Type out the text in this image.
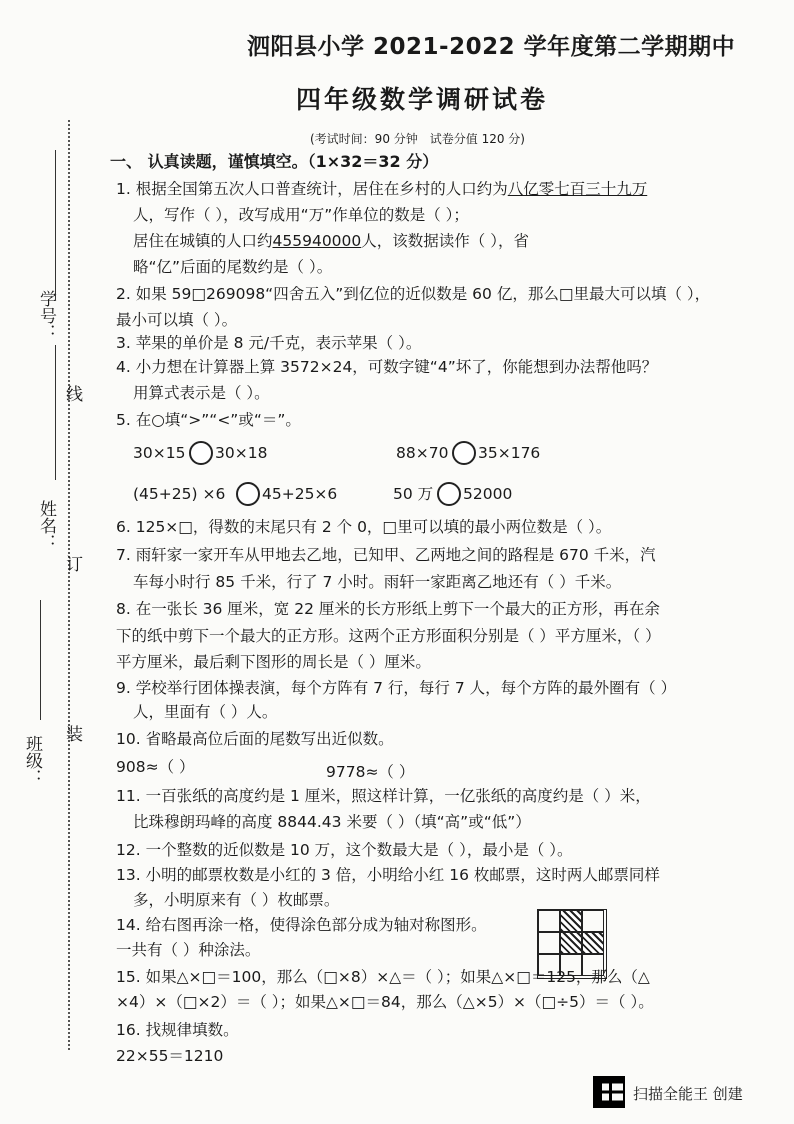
学号：
线
姓名：
订
装
班级：
泗阳县小学 2021-2022 学年度第二学期期中
四年级数学调研试卷
(考试时间：90 分钟　试卷分值 120 分)
一、 认真读题，谨慎填空。（1×32＝32 分）
1. 根据全国第五次人口普查统计，居住在乡村的人口约为八亿零七百三十九万
人，写作（ ），改写成用“万”作单位的数是（ ）；
居住在城镇的人口约455940000人，该数据读作（ ），省
略“亿”后面的尾数约是（ ）。
2. 如果 59□269098“四舍五入”到亿位的近似数是 60 亿，那么□里最大可以填（ ），
最小可以填（ ）。
3. 苹果的单价是 8 元/千克，表示苹果（ ）。
4. 小力想在计算器上算 3572×24，可数字键“4”坏了，你能想到办法帮他吗？
用算式表示是（ ）。
5. 在○填“>”“<”或“＝”。
30×15 30×18	88×70 35×176
(45+25) ×6 45+25×6	50 万 52000
6. 125×□，得数的末尾只有 2 个 0，□里可以填的最小两位数是（ ）。
7. 雨轩家一家开车从甲地去乙地，已知甲、乙两地之间的路程是 670 千米，汽
车每小时行 85 千米，行了 7 小时。雨轩一家距离乙地还有（ ）千米。
8. 在一张长 36 厘米，宽 22 厘米的长方形纸上剪下一个最大的正方形，再在余
下的纸中剪下一个最大的正方形。这两个正方形面积分别是（ ）平方厘米，（ ）
平方厘米，最后剩下图形的周长是（ ）厘米。
9. 学校举行团体操表演，每个方阵有 7 行，每行 7 人，每个方阵的最外圈有（ ）
人，里面有（ ）人。
10. 省略最高位后面的尾数写出近似数。
908≈（ ）	9778≈（ ）
11. 一百张纸的高度约是 1 厘米，照这样计算，一亿张纸的高度约是（ ）米，
比珠穆朗玛峰的高度 8844.43 米要（ ）（填“高”或“低”）
12. 一个整数的近似数是 10 万，这个数最大是（ ），最小是（ ）。
13. 小明的邮票枚数是小红的 3 倍，小明给小红 16 枚邮票，这时两人邮票同样
多，小明原来有（ ）枚邮票。
14. 给右图再涂一格，使得涂色部分成为轴对称图形。
一共有（ ）种涂法。
15. 如果△×□＝100，那么（□×8）×△＝（ ）；如果△×□＝125，那么（△
×4）×（□×2）＝（ ）；如果△×□＝84，那么（△×5）×（□÷5）＝（ ）。
16. 找规律填数。
22×55＝1210
扫描全能王 创建
